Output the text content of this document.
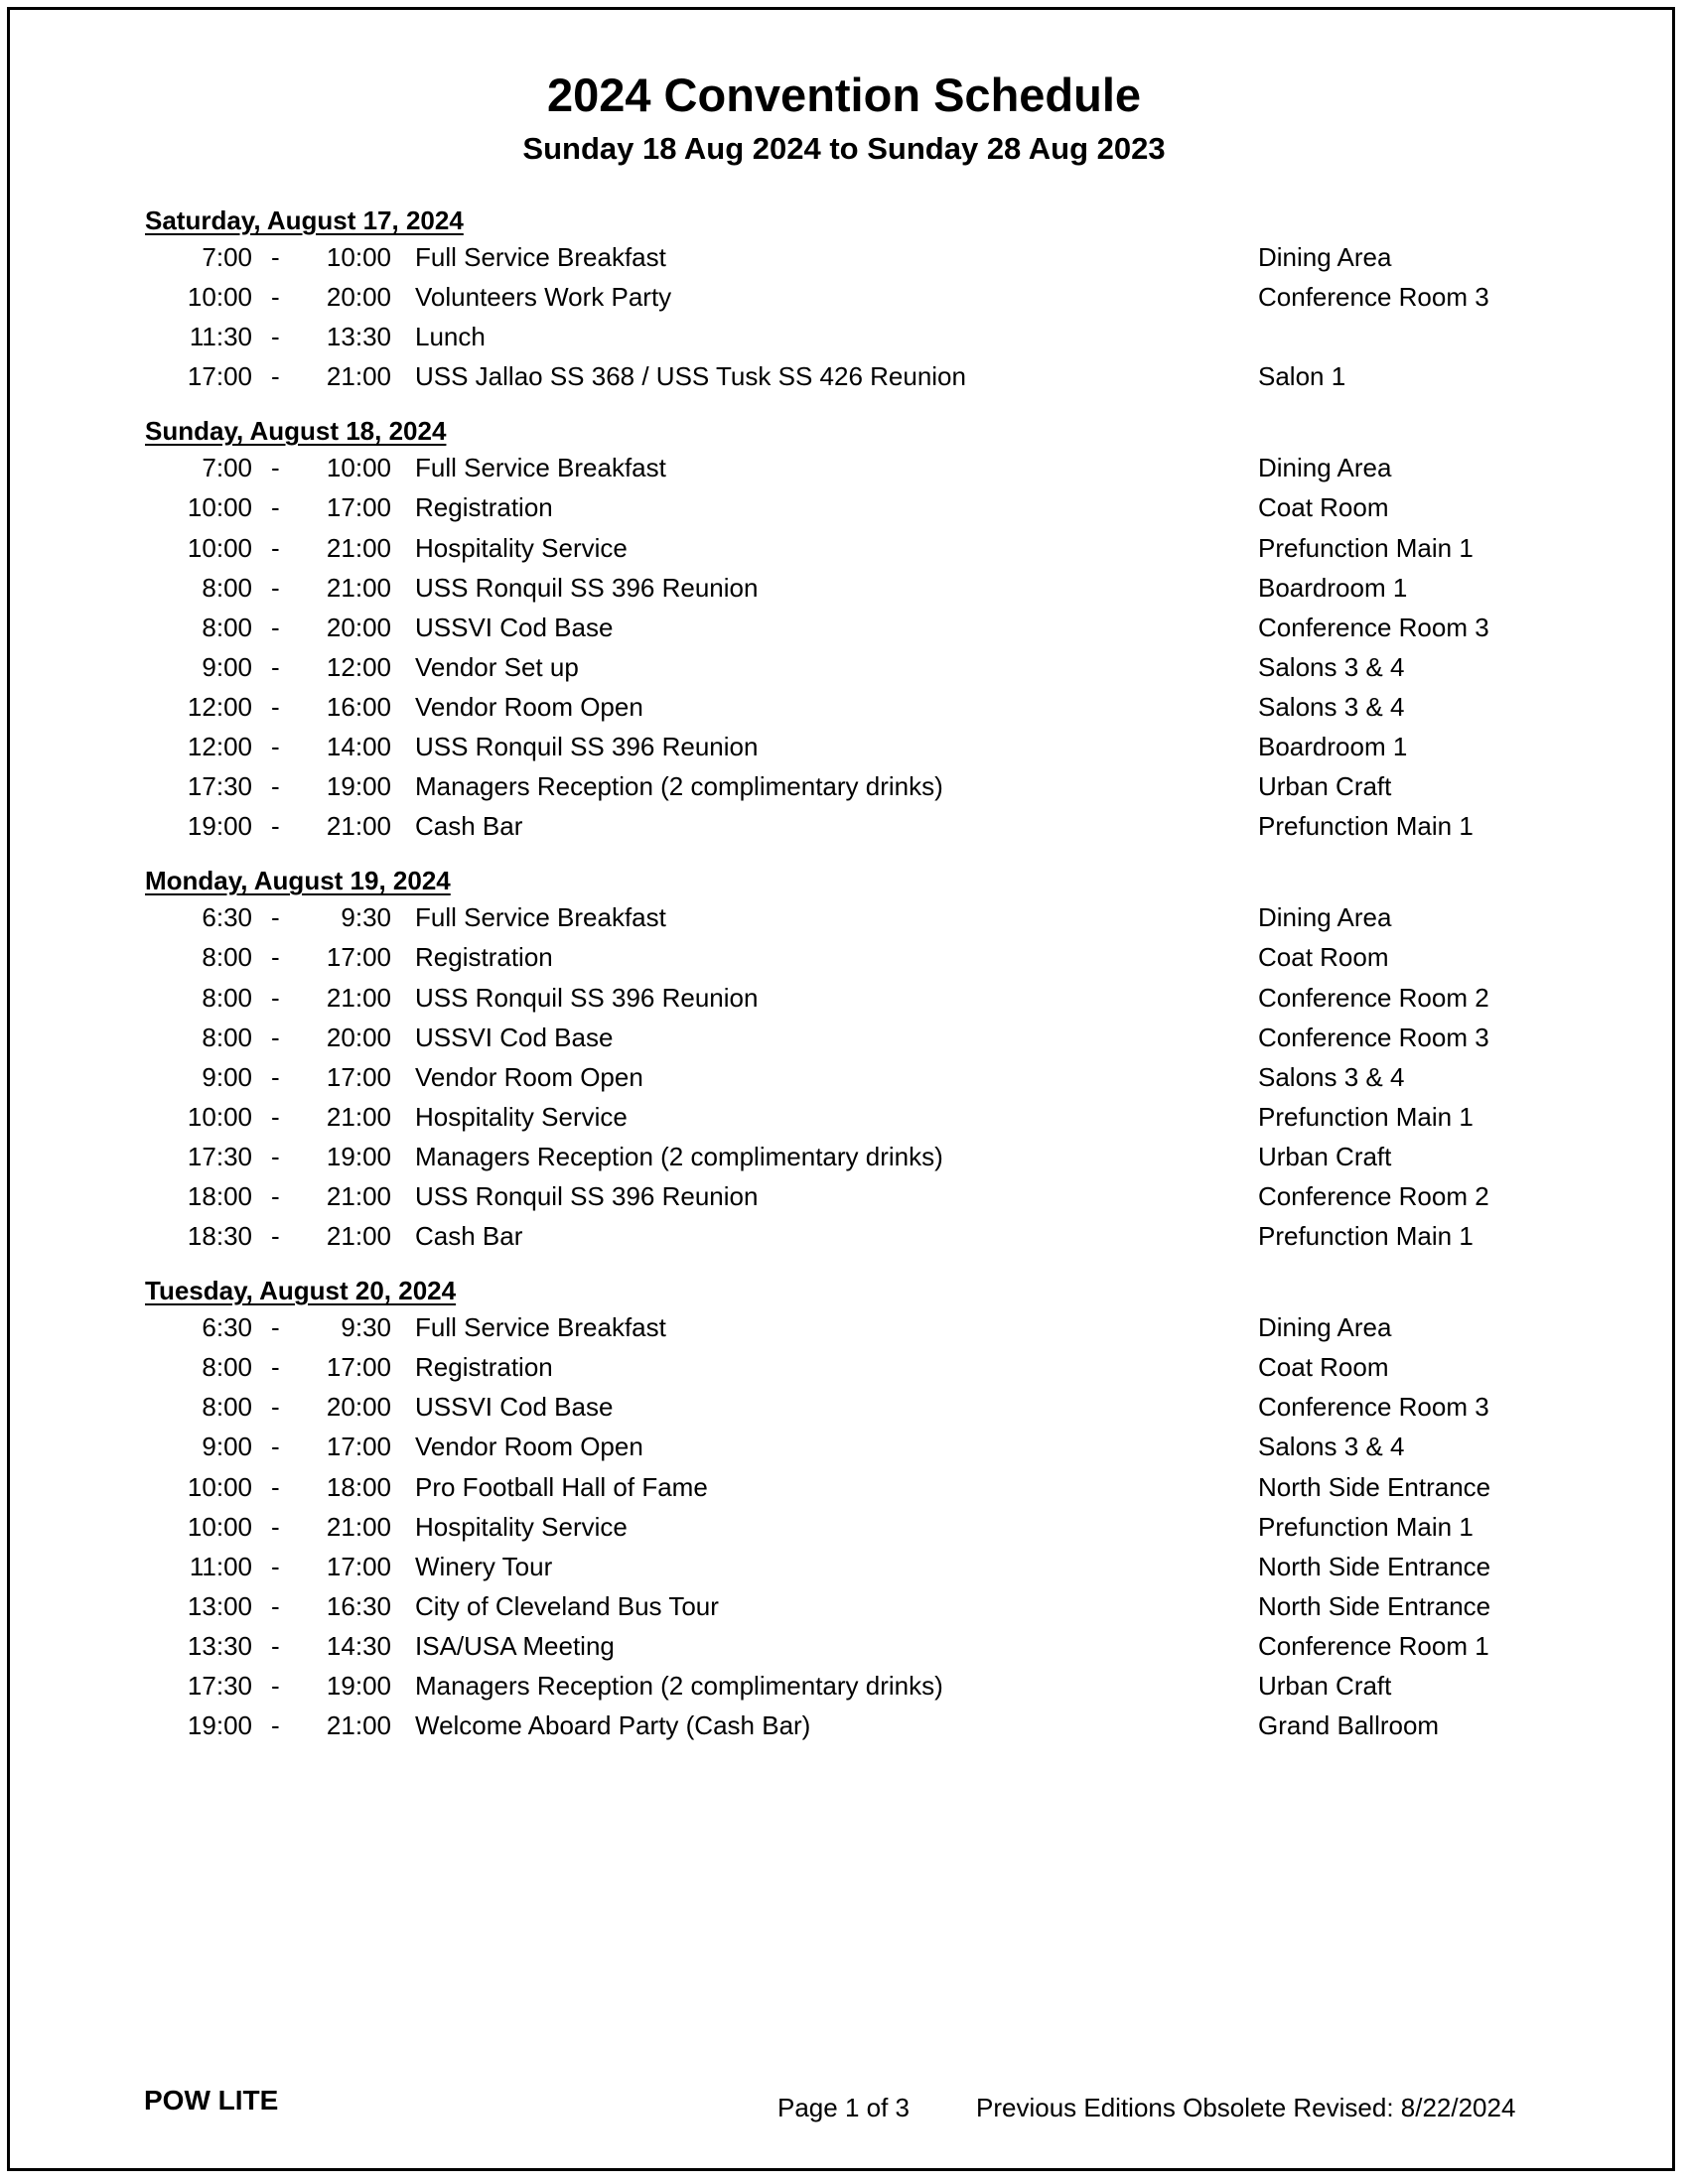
2024 Convention Schedule
Sunday 18 Aug 2024 to Sunday 28 Aug 2023
Saturday, August 17, 2024
7:00 -	10:00 Full Service Breakfast	Dining Area
10:00 -	20:00 Volunteers Work Party	Conference Room 3
11:30 -	13:30 Lunch
17:00 -	21:00 USS Jallao SS 368 / USS Tusk SS 426 Reunion	Salon 1
Sunday, August 18, 2024
7:00 -	10:00 Full Service Breakfast	Dining Area
10:00 -	17:00 Registration	Coat Room
10:00 -	21:00 Hospitality Service	Prefunction Main 1
8:00 -	21:00 USS Ronquil SS 396 Reunion	Boardroom 1
8:00 -	20:00 USSVI Cod Base	Conference Room 3
9:00 -	12:00 Vendor Set up	Salons 3 & 4
12:00 -	16:00 Vendor Room Open	Salons 3 & 4
12:00 -	14:00 USS Ronquil SS 396 Reunion	Boardroom 1
17:30 -	19:00 Managers Reception (2 complimentary drinks)	Urban Craft
19:00 -	21:00 Cash Bar	Prefunction Main 1
Monday, August 19, 2024
6:30 -	9:30 Full Service Breakfast	Dining Area
8:00 -	17:00 Registration	Coat Room
8:00 -	21:00 USS Ronquil SS 396 Reunion	Conference Room 2
8:00 -	20:00 USSVI Cod Base	Conference Room 3
9:00 -	17:00 Vendor Room Open	Salons 3 & 4
10:00 -	21:00 Hospitality Service	Prefunction Main 1
17:30 -	19:00 Managers Reception (2 complimentary drinks)	Urban Craft
18:00 -	21:00 USS Ronquil SS 396 Reunion	Conference Room 2
18:30 -	21:00 Cash Bar	Prefunction Main 1
Tuesday, August 20, 2024
6:30 -	9:30 Full Service Breakfast	Dining Area
8:00 -	17:00 Registration	Coat Room
8:00 -	20:00 USSVI Cod Base	Conference Room 3
9:00 -	17:00 Vendor Room Open	Salons 3 & 4
10:00 -	18:00 Pro Football Hall of Fame	North Side Entrance
10:00 -	21:00 Hospitality Service	Prefunction Main 1
11:00 -	17:00 Winery Tour	North Side Entrance
13:00 -	16:30 City of Cleveland Bus Tour	North Side Entrance
13:30 -	14:30 ISA/USA Meeting	Conference Room 1
17:30 -	19:00 Managers Reception (2 complimentary drinks)	Urban Craft
19:00 -	21:00 Welcome Aboard Party (Cash Bar)	Grand Ballroom
POW LITE	Page 1 of 3	Previous Editions Obsolete Revised: 8/22/2024
